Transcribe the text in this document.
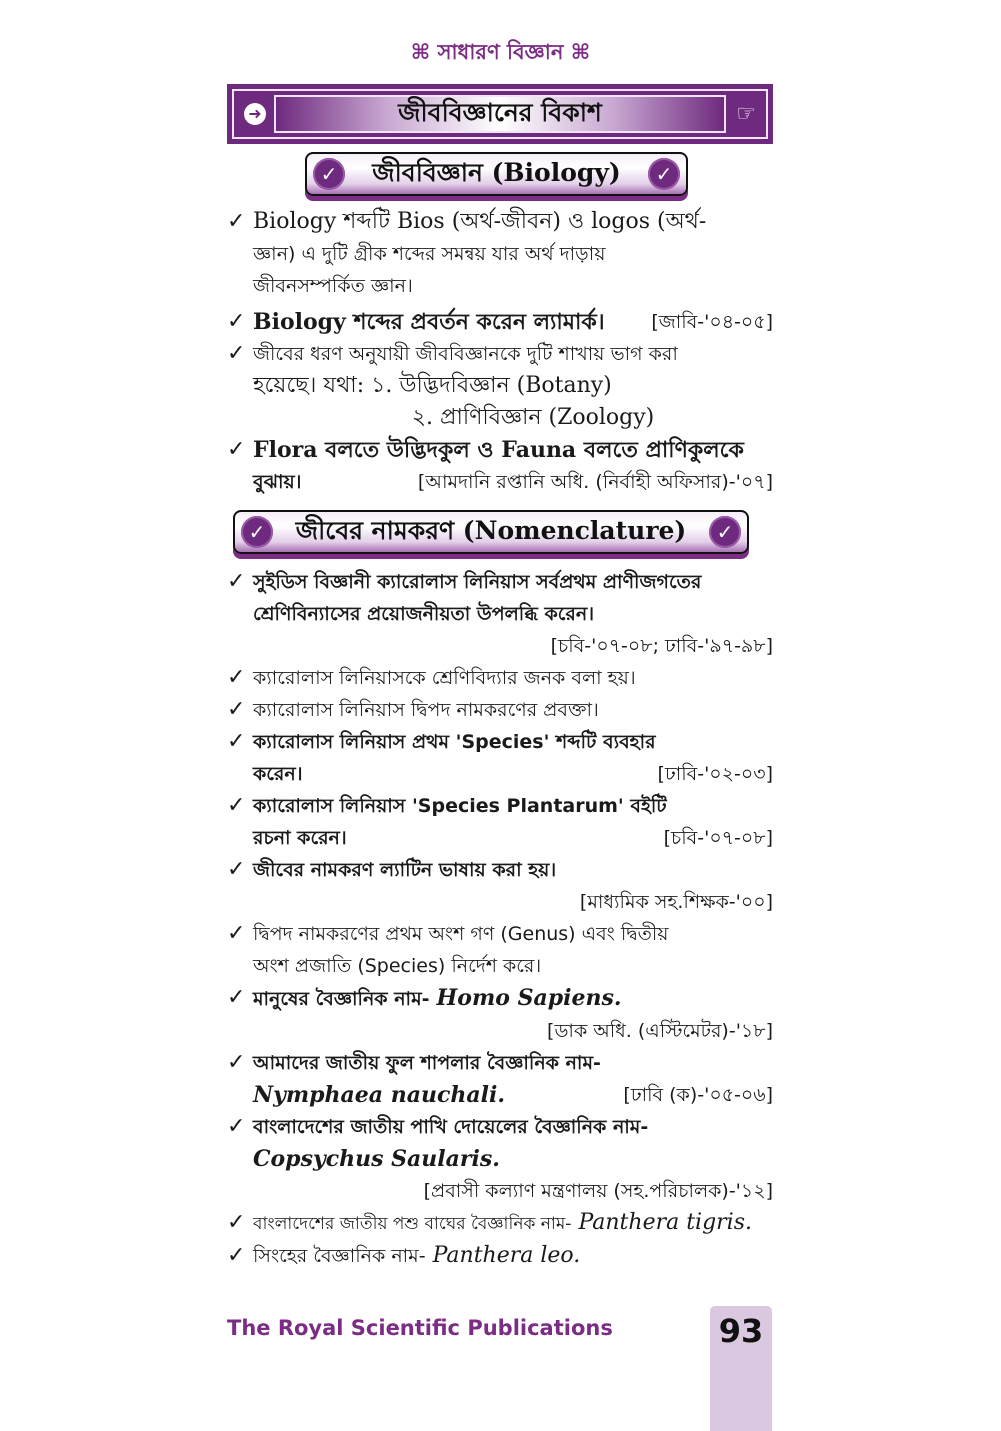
⌘ সাধারণ বিজ্ঞান ⌘
➜	জীববিজ্ঞানের বিকাশ	☞
✓	জীববিজ্ঞান (Biology)	✓
✓ Biology শব্দটি Bios (অর্থ-জীবন) ও logos (অর্থ-
জ্ঞান) এ দুটি গ্রীক শব্দের সমন্বয় যার অর্থ দাড়ায়
জীবনসম্পর্কিত জ্ঞান।
✓ Biology শব্দের প্রবর্তন করেন ল্যামার্ক। [জাবি-'০৪-০৫]
✓ জীবের ধরণ অনুযায়ী জীববিজ্ঞানকে দুটি শাখায় ভাগ করা
হয়েছে। যথা: ১. উদ্ভিদবিজ্ঞান (Botany)
২. প্রাণিবিজ্ঞান (Zoology)
✓ Flora বলতে উদ্ভিদকুল ও Fauna বলতে প্রাণিকুলকে
বুঝায়।	[আমদানি রপ্তানি অধি. (নির্বাহী অফিসার)-'০৭]
✓	জীবের নামকরণ (Nomenclature)	✓
✓ সুইডিস বিজ্ঞানী ক্যারোলাস লিনিয়াস সর্বপ্রথম প্রাণীজগতের
শ্রেণিবিন্যাসের প্রয়োজনীয়তা উপলব্ধি করেন।
[চবি-'০৭-০৮; ঢাবি-'৯৭-৯৮]
✓ ক্যারোলাস লিনিয়াসকে শ্রেণিবিদ্যার জনক বলা হয়।
✓ ক্যারোলাস লিনিয়াস দ্বিপদ নামকরণের প্রবক্তা।
✓ ক্যারোলাস লিনিয়াস প্রথম 'Species' শব্দটি ব্যবহার
করেন।	[ঢাবি-'০২-০৩]
✓ ক্যারোলাস লিনিয়াস 'Species Plantarum' বইটি
রচনা করেন।	[চবি-'০৭-০৮]
✓ জীবের নামকরণ ল্যাটিন ভাষায় করা হয়।
[মাধ্যমিক সহ.শিক্ষক-'০০]
✓ দ্বিপদ নামকরণের প্রথম অংশ গণ (Genus) এবং দ্বিতীয়
অংশ প্রজাতি (Species) নির্দেশ করে।
✓ মানুষের বৈজ্ঞানিক নাম- Homo Sapiens.
[ডাক অধি. (এস্টিমেটর)-'১৮]
✓ আমাদের জাতীয় ফুল শাপলার বৈজ্ঞানিক নাম-
Nymphaea nauchali.	[ঢাবি (ক)-'০৫-০৬]
✓ বাংলাদেশের জাতীয় পাখি দোয়েলের বৈজ্ঞানিক নাম-
Copsychus Saularis.
[প্রবাসী কল্যাণ মন্ত্রণালয় (সহ.পরিচালক)-'১২]
✓ বাংলাদেশের জাতীয় পশু বাঘের বৈজ্ঞানিক নাম- Panthera tigris.
✓ সিংহের বৈজ্ঞানিক নাম- Panthera leo.
The Royal Scientific Publications	93
